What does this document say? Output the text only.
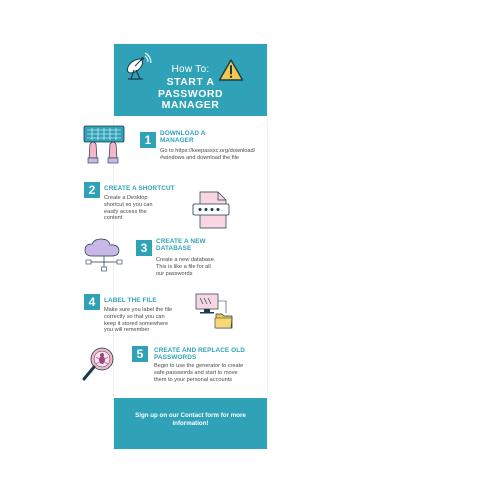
How To:
START A
PASSWORD
MANAGER
1	DOWNLOAD A MANAGER
Go to https://keepassxc.org/download/#windows and download the file
2	CREATE A SHORTCUT
Create a Desktop shortcut so you can easily access the content
3	CREATE A NEW DATABASE
Create a new database. This is like a file for all our passwords
4	LABEL THE FILE
Make sure you label the file correctly so that you can keep it stored somewhere you will remember
5	CREATE AND REPLACE OLD PASSWORDS
Begin to use the generator to create safe passwords and start to move them to your personal accounts
Sign up on our Contact form for more information!
